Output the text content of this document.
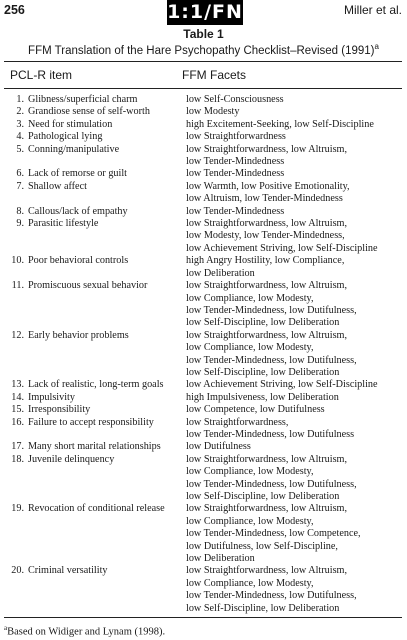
256	1:1/FN	Miller et al.
Table 1
FFM Translation of the Hare Psychopathy Checklist–Revised $(1991)^a$
PCL-R item	FFM Facets
1. Glibness/superficial charm	low Self-Consciousness
2. Grandiose sense of self-worth	low Modesty
3. Need for stimulation	high Excitement-Seeking, low Self-Discipline
4. Pathological lying	low Straightforwardness
5. Conning/manipulative	low Straightforwardness, low Altruism,
low Tender-Mindedness
6. Lack of remorse or guilt	low Tender-Mindedness
7. Shallow affect	low Warmth, low Positive Emotionality,
low Altruism, low Tender-Mindedness
8. Callous/lack of empathy	low Tender-Mindedness
9. Parasitic lifestyle	low Straightforwardness, low Altruism,
low Modesty, low Tender-Mindedness,
low Achievement Striving, low Self-Discipline
10. Poor behavioral controls	high Angry Hostility, low Compliance,
low Deliberation
11. Promiscuous sexual behavior	low Straightforwardness, low Altruism,
low Compliance, low Modesty,
low Tender-Mindedness, low Dutifulness,
low Self-Discipline, low Deliberation
12. Early behavior problems	low Straightforwardness, low Altruism,
low Compliance, low Modesty,
low Tender-Mindedness, low Dutifulness,
low Self-Discipline, low Deliberation
13. Lack of realistic, long-term goals	low Achievement Striving, low Self-Discipline
14. Impulsivity	high Impulsiveness, low Deliberation
15. Irresponsibility	low Competence, low Dutifulness
16. Failure to accept responsibility	low Straightforwardness,
low Tender-Mindedness, low Dutifulness
17. Many short marital relationships	low Dutifulness
18. Juvenile delinquency	low Straightforwardness, low Altruism,
low Compliance, low Modesty,
low Tender-Mindedness, low Dutifulness,
low Self-Discipline, low Deliberation
19. Revocation of conditional release	low Straightforwardness, low Altruism,
low Compliance, low Modesty,
low Tender-Mindedness, low Competence,
low Dutifulness, low Self-Discipline,
low Deliberation
20. Criminal versatility	low Straightforwardness, low Altruism,
low Compliance, low Modesty,
low Tender-Mindedness, low Dutifulness,
low Self-Discipline, low Deliberation
$^a$Based on Widiger and Lynam (1998).
